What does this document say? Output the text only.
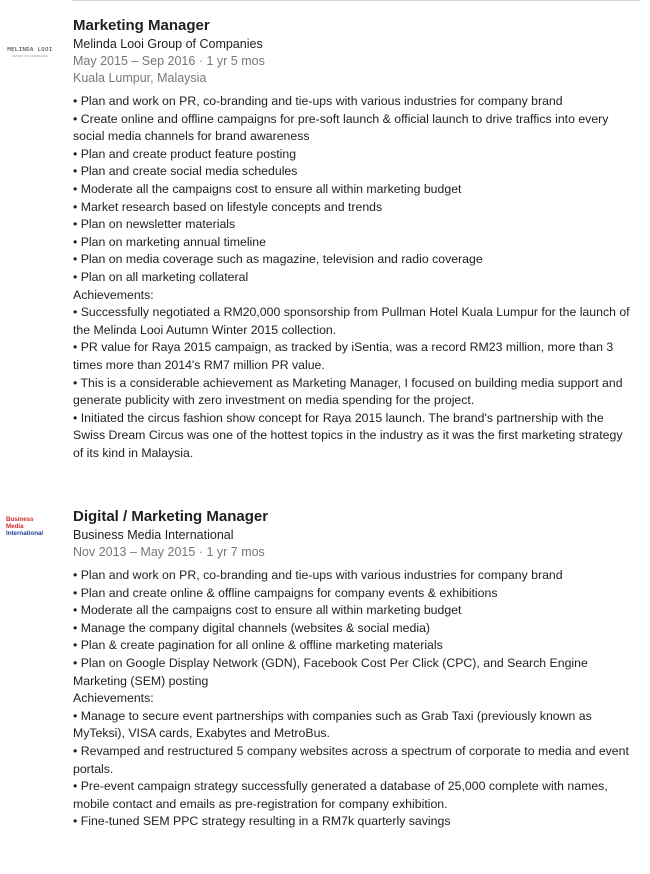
MELINDA LOOI
GROUP OF COMPANIES
Marketing Manager
Melinda Looi Group of Companies
May 2015 – Sep 2016 · 1 yr 5 mos
Kuala Lumpur, Malaysia

• Plan and work on PR, co-branding and tie-ups with various industries for company brand

• Create online and offline campaigns for pre-soft launch & official launch to drive traffics into every social media channels for brand awareness

• Plan and create product feature posting

• Plan and create social media schedules

• Moderate all the campaigns cost to ensure all within marketing budget

• Market research based on lifestyle concepts and trends

• Plan on newsletter materials

• Plan on marketing annual timeline

• Plan on media coverage such as magazine, television and radio coverage

• Plan on all marketing collateral

Achievements:

• Successfully negotiated a RM20,000 sponsorship from Pullman Hotel Kuala Lumpur for the launch of the Melinda Looi Autumn Winter 2015 collection.

• PR value for Raya 2015 campaign, as tracked by iSentia, was a record RM23 million, more than 3 times more than 2014's RM7 million PR value.

• This is a considerable achievement as Marketing Manager, I focused on building media support and generate publicity with zero investment on media spending for the project.

• Initiated the circus fashion show concept for Raya 2015 launch. The brand's partnership with the Swiss Dream Circus was one of the hottest topics in the industry as it was the first marketing strategy of its kind in Malaysia.

Business
Media
International
Digital / Marketing Manager
Business Media International
Nov 2013 – May 2015 · 1 yr 7 mos

• Plan and work on PR, co-branding and tie-ups with various industries for company brand

• Plan and create online & offline campaigns for company events & exhibitions

• Moderate all the campaigns cost to ensure all within marketing budget

• Manage the company digital channels (websites & social media)

• Plan & create pagination for all online & offline marketing materials

• Plan on Google Display Network (GDN), Facebook Cost Per Click (CPC), and Search Engine Marketing (SEM) posting

Achievements:

• Manage to secure event partnerships with companies such as Grab Taxi (previously known as MyTeksi), VISA cards, Exabytes and MetroBus.

• Revamped and restructured 5 company websites across a spectrum of corporate to media and event portals.

• Pre-event campaign strategy successfully generated a database of 25,000 complete with names, mobile contact and emails as pre-registration for company exhibition.

• Fine-tuned SEM PPC strategy resulting in a RM7k quarterly savings
